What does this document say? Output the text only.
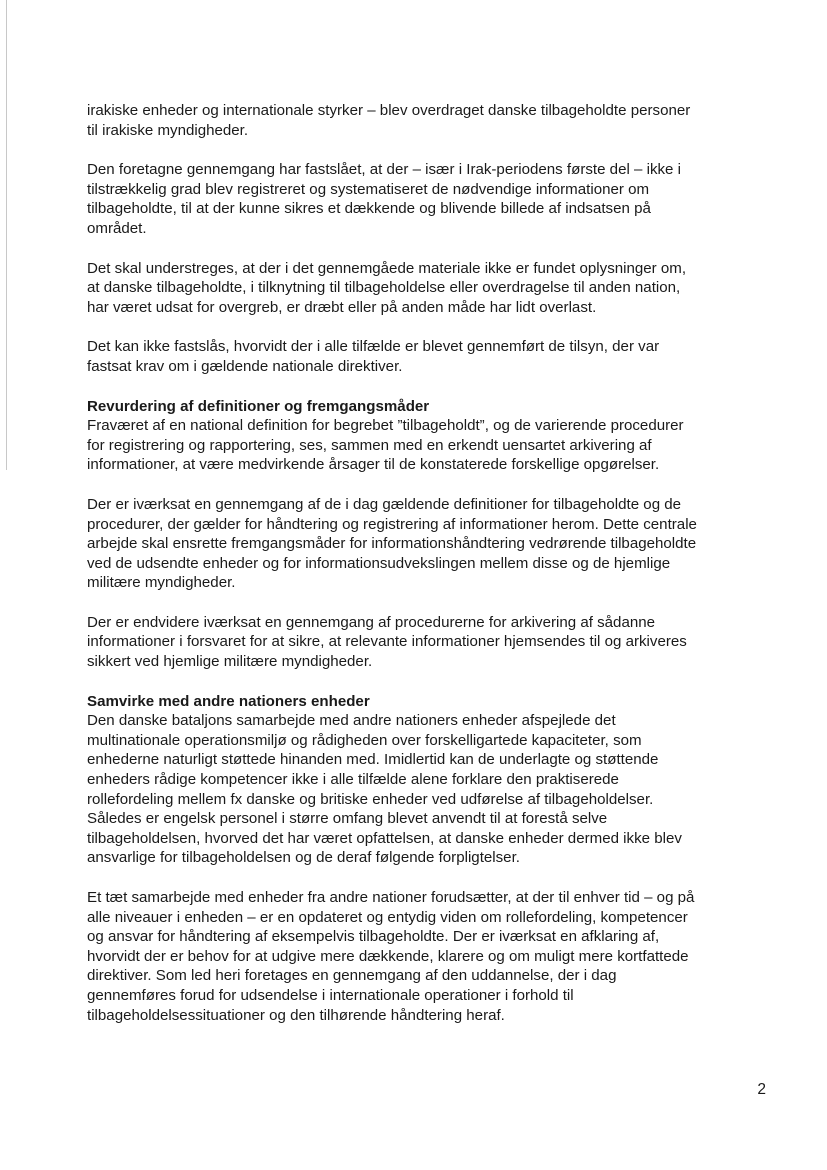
irakiske enheder og internationale styrker – blev overdraget danske tilbageholdte personer
til irakiske myndigheder.
Den foretagne gennemgang har fastslået, at der – især i Irak-periodens første del – ikke i
tilstrækkelig grad blev registreret og systematiseret de nødvendige informationer om
tilbageholdte, til at der kunne sikres et dækkende og blivende billede af indsatsen på
området.
Det skal understreges, at der i det gennemgåede materiale ikke er fundet oplysninger om,
at danske tilbageholdte, i tilknytning til tilbageholdelse eller overdragelse til anden nation,
har været udsat for overgreb, er dræbt eller på anden måde har lidt overlast.
Det kan ikke fastslås, hvorvidt der i alle tilfælde er blevet gennemført de tilsyn, der var
fastsat krav om i gældende nationale direktiver.
Revurdering af definitioner og fremgangsmåder
Fraværet af en national definition for begrebet ”tilbageholdt”, og de varierende procedurer
for registrering og rapportering, ses, sammen med en erkendt uensartet arkivering af
informationer, at være medvirkende årsager til de konstaterede forskellige opgørelser.
Der er iværksat en gennemgang af de i dag gældende definitioner for tilbageholdte og de
procedurer, der gælder for håndtering og registrering af informationer herom. Dette centrale
arbejde skal ensrette fremgangsmåder for informationshåndtering vedrørende tilbageholdte
ved de udsendte enheder og for informationsudvekslingen mellem disse og de hjemlige
militære myndigheder.
Der er endvidere iværksat en gennemgang af procedurerne for arkivering af sådanne
informationer i forsvaret for at sikre, at relevante informationer hjemsendes til og arkiveres
sikkert ved hjemlige militære myndigheder.
Samvirke med andre nationers enheder
Den danske bataljons samarbejde med andre nationers enheder afspejlede det
multinationale operationsmiljø og rådigheden over forskelligartede kapaciteter, som
enhederne naturligt støttede hinanden med. Imidlertid kan de underlagte og støttende
enheders rådige kompetencer ikke i alle tilfælde alene forklare den praktiserede
rollefordeling mellem fx danske og britiske enheder ved udførelse af tilbageholdelser.
Således er engelsk personel i større omfang blevet anvendt til at forestå selve
tilbageholdelsen, hvorved det har været opfattelsen, at danske enheder dermed ikke blev
ansvarlige for tilbageholdelsen og de deraf følgende forpligtelser.
Et tæt samarbejde med enheder fra andre nationer forudsætter, at der til enhver tid – og på
alle niveauer i enheden – er en opdateret og entydig viden om rollefordeling, kompetencer
og ansvar for håndtering af eksempelvis tilbageholdte. Der er iværksat en afklaring af,
hvorvidt der er behov for at udgive mere dækkende, klarere og om muligt mere kortfattede
direktiver. Som led heri foretages en gennemgang af den uddannelse, der i dag
gennemføres forud for udsendelse i internationale operationer i forhold til
tilbageholdelsessituationer og den tilhørende håndtering heraf.
2
